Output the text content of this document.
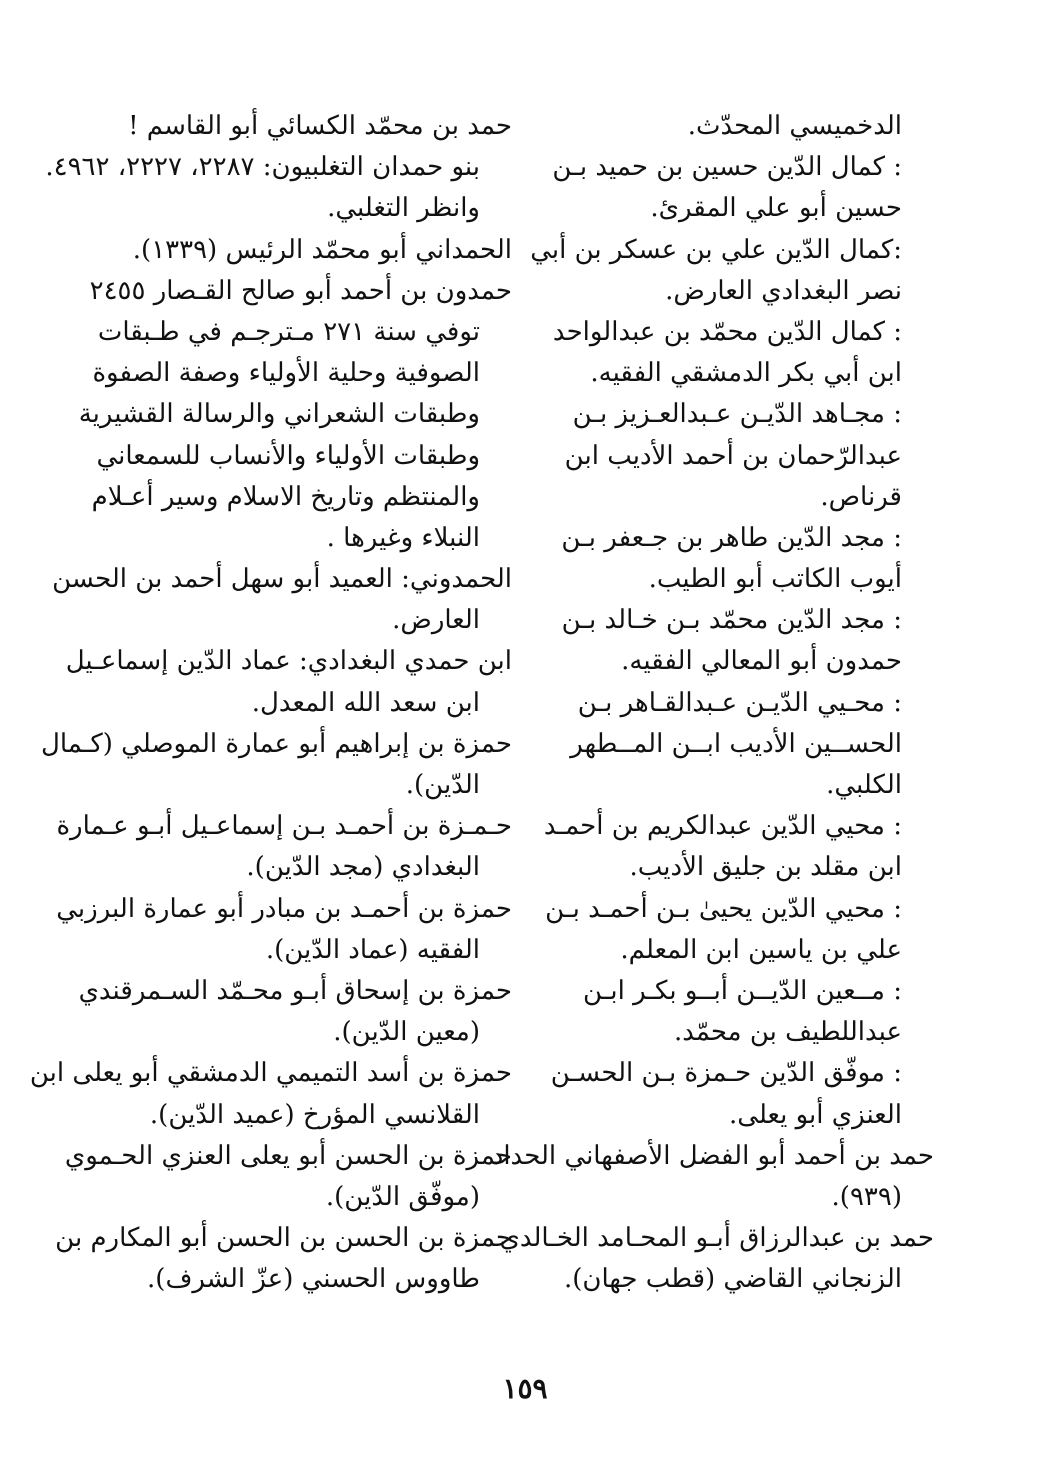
الدخميسي المحدّث.
: كمال الدّين حسين بن حميد بـن
حسين أبو علي المقرئ.
:كمال الدّين علي بن عسكر بن أبي
نصر البغدادي العارض.
: كمال الدّين محمّد بن عبدالواحد
ابن أبي بكر الدمشقي الفقيه.
: مجـاهد الدّيـن عـبدالعـزيز بـن
عبدالرّحمان بن أحمد الأديب ابن
قرناص.
: مجد الدّين طاهر بن جـعفر بـن
أيوب الكاتب أبو الطيب.
: مجد الدّين محمّد بـن خـالد بـن
حمدون أبو المعالي الفقيه.
: محـيي الدّيـن عـبدالقـاهر بـن
الحســين الأديب ابــن المــطهر
الكلبي.
: محيي الدّين عبدالكريم بن أحمـد
ابن مقلد بن جليق الأديب.
: محيي الدّين يحيىٰ بـن أحمـد بـن
علي بن ياسين ابن المعلم.
: مــعين الدّيــن أبــو بكـر ابـن
عبداللطيف بن محمّد.
: موفّق الدّين حـمزة بـن الحسـن
العنزي أبو يعلى.
حمد بن أحمد أبو الفضل الأصفهاني الحداد
(٩٣٩).
حمد بن عبدالرزاق أبـو المحـامد الخـالدي
الزنجاني القاضي (قطب جهان).
حمد بن محمّد الكسائي أبو القاسم !
بنو حمدان التغلبيون: ٢٢٨٧، ٢٢٢٧، ٤٩٦٢.
وانظر التغلبي.
الحمداني أبو محمّد الرئيس (١٣٣٩).
حمدون بن أحمد أبو صالح القـصار ٢٤٥٥
توفي سنة ٢٧١ مـترجـم في طـبقات
الصوفية وحلية الأولياء وصفة الصفوة
وطبقات الشعراني والرسالة القشيرية
وطبقات الأولياء والأنساب للسمعاني
والمنتظم وتاريخ الاسلام وسير أعـلام
النبلاء وغيرها .
الحمدوني: العميد أبو سهل أحمد بن الحسن
العارض.
ابن حمدي البغدادي: عماد الدّين إسماعـيل
ابن سعد الله المعدل.
حمزة بن إبراهيم أبو عمارة الموصلي (كـمال
الدّين).
حـمـزة بن أحمـد بـن إسماعـيل أبـو عـمارة
البغدادي (مجد الدّين).
حمزة بن أحمـد بن مبادر أبو عمارة البرزبي
الفقيه (عماد الدّين).
حمزة بن إسحاق أبـو محـمّد السـمرقندي
(معين الدّين).
حمزة بن أسد التميمي الدمشقي أبو يعلى ابن
القلانسي المؤرخ (عميد الدّين).
حمزة بن الحسن أبو يعلى العنزي الحـموي
(موفّق الدّين).
حمزة بن الحسن بن الحسن أبو المكارم بن
طاووس الحسني (عزّ الشرف).
١٥٩
